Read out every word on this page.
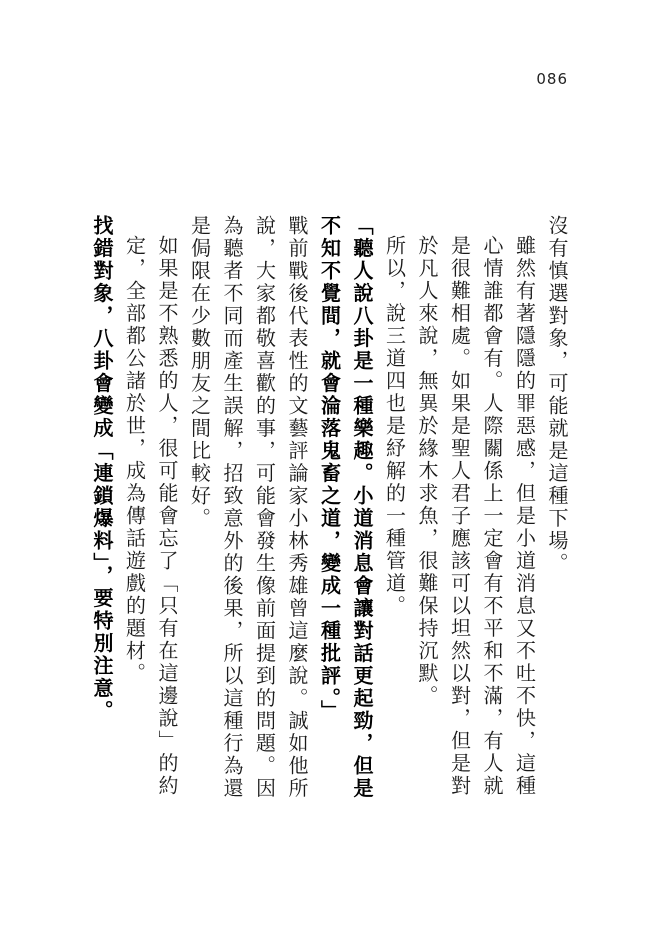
086

沒有慎選對象，可能就是這種下場。

雖然有著隱隱的罪惡感，但是小道消息又不吐不快，這種心情誰都會有。人際關係上一定會有不平和不滿，有人就是很難相處。如果是聖人君子應該可以坦然以對，但是對於凡人來說，無異於緣木求魚，很難保持沉默。

所以，說三道四也是紓解的一種管道。

「聽人說八卦是一種樂趣。小道消息會讓對話更起勁，但是不知不覺間，就會淪落鬼畜之道，變成一種批評。」

戰前戰後代表性的文藝評論家小林秀雄曾這麼說。誠如他所說，大家都敬喜歡的事，可能會發生像前面提到的問題。因為聽者不同而產生誤解，招致意外的後果，所以這種行為還是侷限在少數朋友之間比較好。

如果是不熟悉的人，很可能會忘了「只有在這邊說」的約定，全部都公諸於世，成為傳話遊戲的題材。

找錯對象，八卦會變成「連鎖爆料」，要特別注意。
